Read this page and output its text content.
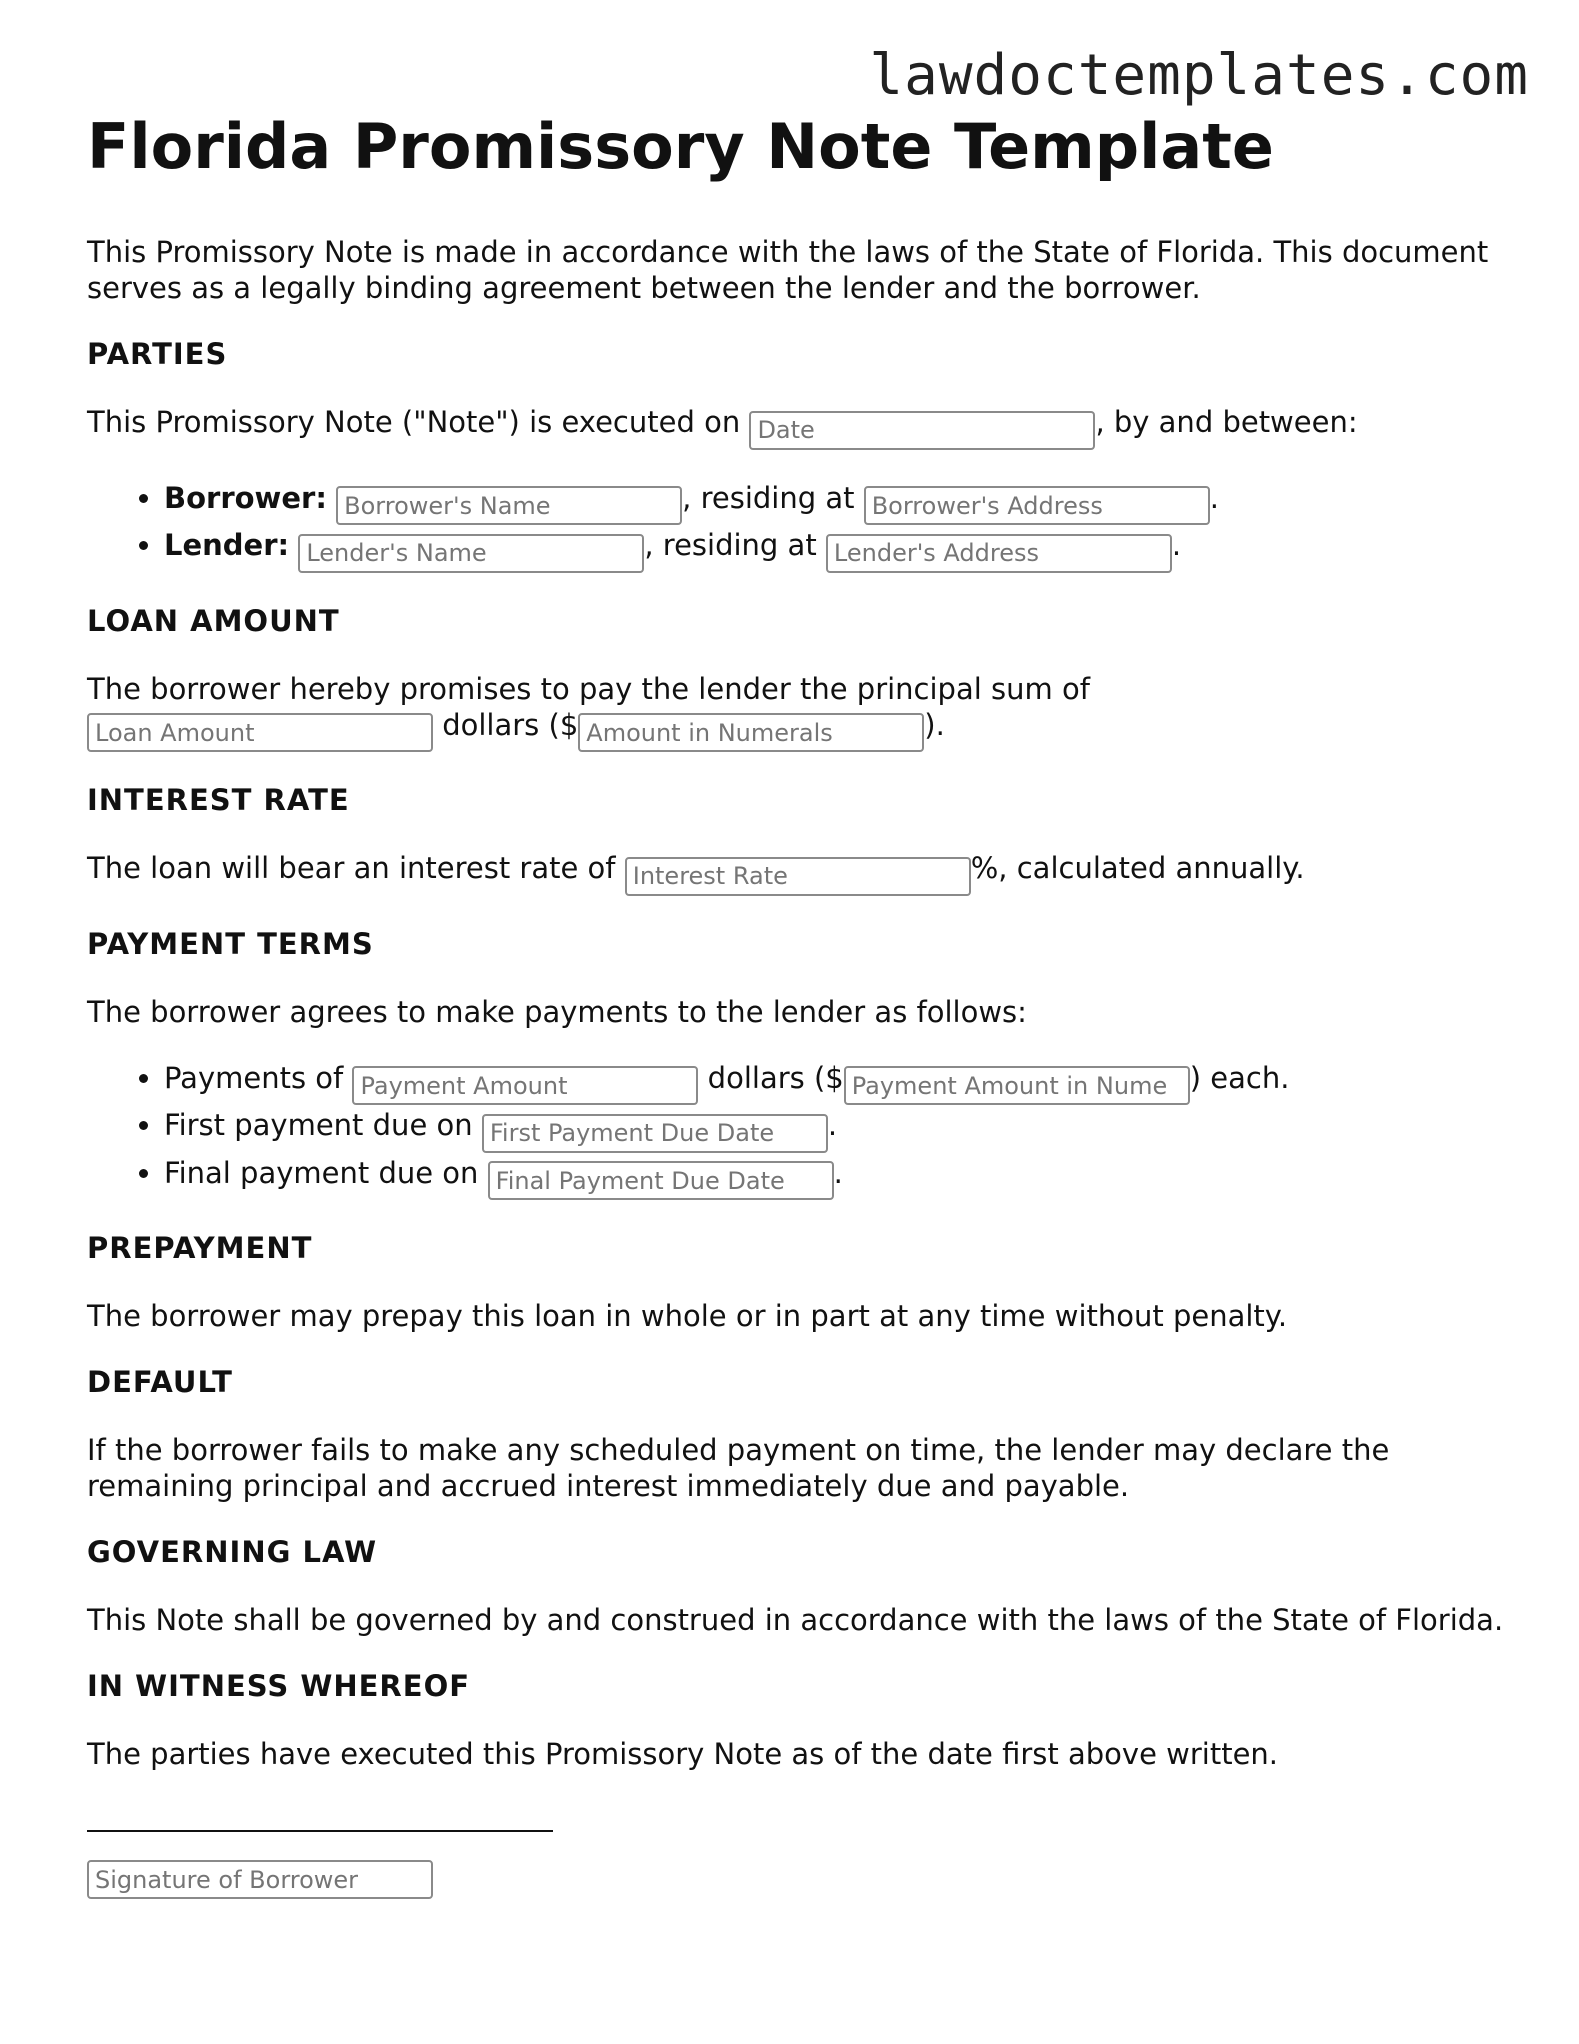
lawdoctemplates.com
Florida Promissory Note Template

This Promissory Note is made in accordance with the laws of the State of Florida. This document serves as a legally binding agreement between the lender and the borrower.

PARTIES

This Promissory Note ("Note") is executed on Date	, by and between:

• Borrower: Borrower's Name	, residing at Borrower's Address	.
• Lender: Lender's Name	, residing at Lender's Address	.
LOAN AMOUNT

The borrower hereby promises to pay the lender the principal sum of
Loan Amount dollars ($Amount in Numerals	).

INTEREST RATE

The loan will bear an interest rate of Interest Rate	%, calculated annually.

PAYMENT TERMS

The borrower agrees to make payments to the lender as follows:

• Payments of Payment Amount	dollars ($Payment Amount in Nume	) each.
• First payment due on First Payment Due Date	.
• Final payment due on Final Payment Due Date	.
PREPAYMENT

The borrower may prepay this loan in whole or in part at any time without penalty.

DEFAULT

If the borrower fails to make any scheduled payment on time, the lender may declare the remaining principal and accrued interest immediately due and payable.

GOVERNING LAW

This Note shall be governed by and construed in accordance with the laws of the State of Florida.

IN WITNESS WHEREOF

The parties have executed this Promissory Note as of the date first above written.

Signature of Borrower
